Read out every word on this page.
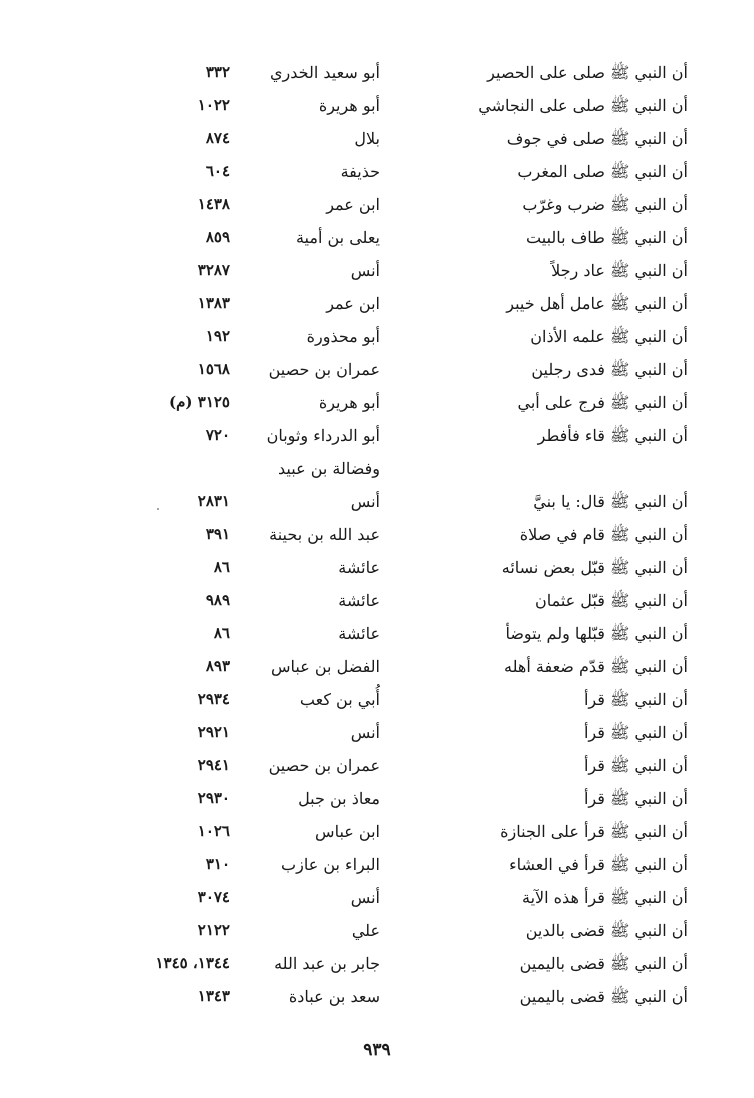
أن النبي ﷺ صلى على الحصير
أبو سعيد الخدري
٣٣٢
أن النبي ﷺ صلى على النجاشي
أبو هريرة
١٠٢٢
أن النبي ﷺ صلى في جوف
بلال
٨٧٤
أن النبي ﷺ صلى المغرب
حذيفة
٦٠٤
أن النبي ﷺ ضرب وغرّب
ابن عمر
١٤٣٨
أن النبي ﷺ طاف بالبيت
يعلى بن أمية
٨٥٩
أن النبي ﷺ عاد رجلاً
أنس
٣٢٨٧
أن النبي ﷺ عامل أهل خيبر
ابن عمر
١٣٨٣
أن النبي ﷺ علمه الأذان
أبو محذورة
١٩٢
أن النبي ﷺ فدى رجلين
عمران بن حصين
١٥٦٨
أن النبي ﷺ فرج على أبي
أبو هريرة
٣١٢٥ (م)
أن النبي ﷺ قاء فأفطر
أبو الدرداء وثوبان
وفضالة بن عبيد
٧٢٠
أن النبي ﷺ قال: يا بنيَّ
أنس
٢٨٣١
أن النبي ﷺ قام في صلاة
عبد الله بن بحينة
٣٩١
أن النبي ﷺ قبّل بعض نسائه
عائشة
٨٦
أن النبي ﷺ قبّل عثمان
عائشة
٩٨٩
أن النبي ﷺ قبّلها ولم يتوضأ
عائشة
٨٦
أن النبي ﷺ قدّم ضعفة أهله
الفضل بن عباس
٨٩٣
أن النبي ﷺ قرأ
أُبي بن كعب
٢٩٣٤
أن النبي ﷺ قرأ
أنس
٢٩٢١
أن النبي ﷺ قرأ
عمران بن حصين
٢٩٤١
أن النبي ﷺ قرأ
معاذ بن جبل
٢٩٣٠
أن النبي ﷺ قرأ على الجنازة
ابن عباس
١٠٢٦
أن النبي ﷺ قرأ في العشاء
البراء بن عازب
٣١٠
أن النبي ﷺ قرأ هذه الآية
أنس
٣٠٧٤
أن النبي ﷺ قضى بالدين
علي
٢١٢٢
أن النبي ﷺ قضى باليمين
جابر بن عبد الله
١٣٤٤، ١٣٤٥
أن النبي ﷺ قضى باليمين
سعد بن عبادة
١٣٤٣
٩٣٩
